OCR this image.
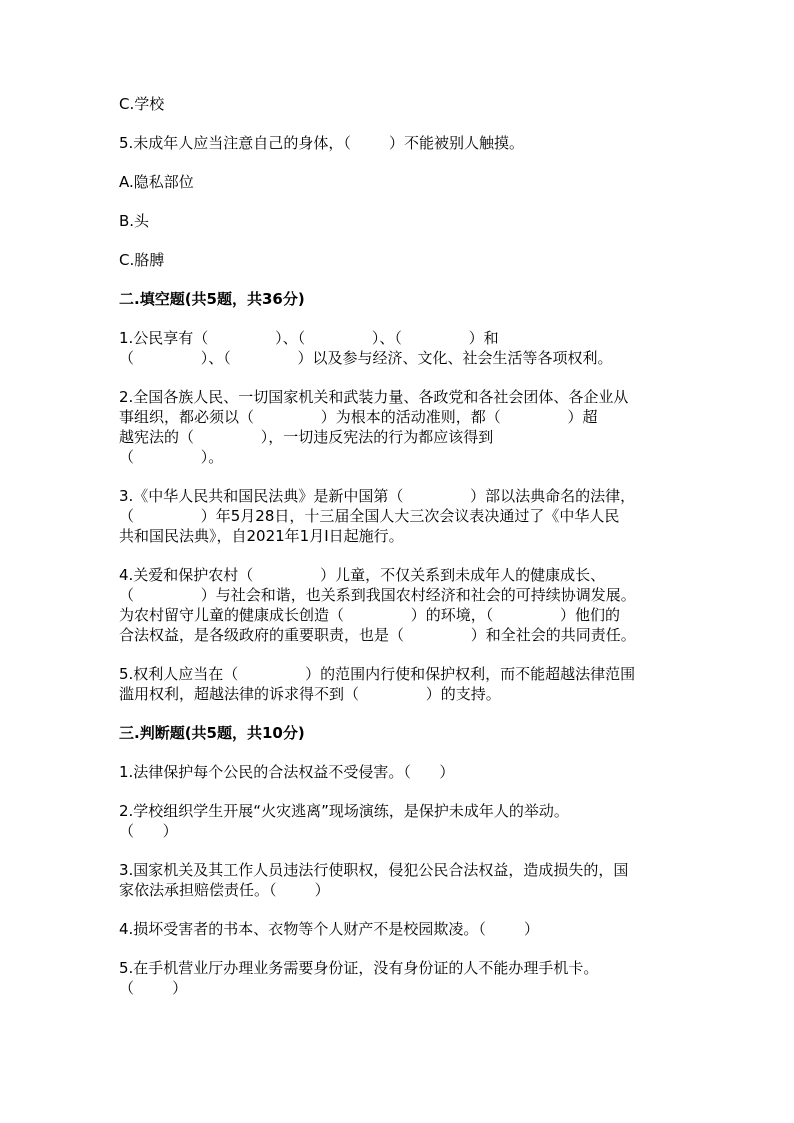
C.学校

5.未成年人应当注意自己的身体，（        ）不能被别人触摸。

A.隐私部位

B.头

C.胳膊

二.填空题(共5题，共36分)

1.公民享有（              ）、（              ）、（              ）和

（              ）、（              ）以及参与经济、文化、社会生活等各项权利。

2.全国各族人民、一切国家机关和武装力量、各政党和各社会团体、各企业从

事组织，都必须以（              ）为根本的活动准则，都（              ）超

越宪法的（              ），一切违反宪法的行为都应该得到

（              ）。

3.《中华人民共和国民法典》是新中国第（              ）部以法典命名的法律，

（              ）年5月28日，十三届全国人大三次会议表决通过了《中华人民

共和国民法典》，自2021年1月I日起施行。

4.关爱和保护农村（              ）儿童，不仅关系到未成年人的健康成长、

（              ）与社会和谐，也关系到我国农村经济和社会的可持续协调发展。

为农村留守儿童的健康成长创造（              ）的环境，（              ）他们的

合法权益，是各级政府的重要职责，也是（              ）和全社会的共同责任。

5.权利人应当在（              ）的范围内行使和保护权利，而不能超越法律范围

滥用权利，超越法律的诉求得不到（              ）的支持。

三.判断题(共5题，共10分)

1.法律保护每个公民的合法权益不受侵害。（      ）

2.学校组织学生开展“火灾逃离”现场演练，是保护未成年人的举动。

（      ）

3.国家机关及其工作人员违法行使职权，侵犯公民合法权益，造成损失的，国

家依法承担赔偿责任。（        ）

4.损坏受害者的书本、衣物等个人财产不是校园欺凌。（        ）

5.在手机营业厅办理业务需要身份证，没有身份证的人不能办理手机卡。

（        ）
